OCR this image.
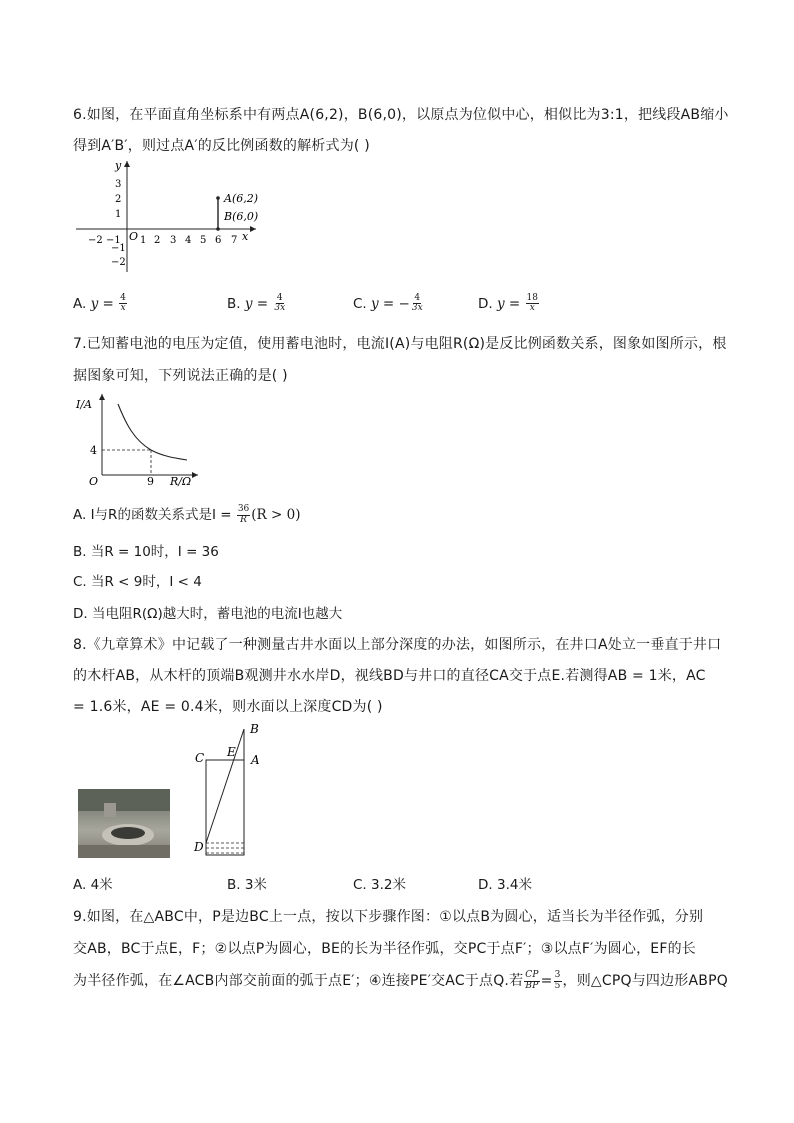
6.如图，在平面直角坐标系中有两点A(6,2)，B(6,0)，以原点为位似中心，相似比为3:1，把线段AB缩小
得到A′B′，则过点A′的反比例函数的解析式为( )
y
x
O
−2 −1 1 2 3 4 5 6 7
3
2
1
−1
−2
A(6,2)
B(6,0)
A. $y = \frac{4}{x}$	B. $y = \frac{4}{3x}$	C. y = − $\frac{4}{3x}$	D. $y = \frac{18}{x}$
7.已知蓄电池的电压为定值，使用蓄电池时，电流I(A)与电阻R(Ω)是反比例函数关系，图象如图所示，根
据图象可知，下列说法正确的是( )
I/A
R/Ω
O
4
9
A. I与R的函数关系式是$I = \frac{36}{R} (R > 0)$
B. 当R = 10时，I = 36
C. 当R < 9时，I < 4
D. 当电阻R(Ω)越大时，蓄电池的电流I也越大
8.《九章算术》中记载了一种测量古井水面以上部分深度的办法，如图所示，在井口A处立一垂直于井口
的木杆AB，从木杆的顶端B观测井水水岸D，视线BD与井口的直径CA交于点E.若测得AB = 1米，AC
= 1.6米，AE = 0.4米，则水面以上深度CD为( )
B
C E
A
D
A. 4米	B. 3米	C. 3.2米	D. 3.4米
9.如图，在△ABC中，P是边BC上一点，按以下步骤作图：①以点B为圆心，适当长为半径作弧，分别
交AB，BC于点E，F；②以点P为圆心，BE的长为半径作弧，交PC于点F′；③以点F′为圆心，EF的长
为半径作弧，在∠ACB内部交前面的弧于点E′；④连接PE′交AC于点Q.若 $\frac{CP}{BP} = \frac{3}{5}$ ，则△CPQ与四边形ABPQ
